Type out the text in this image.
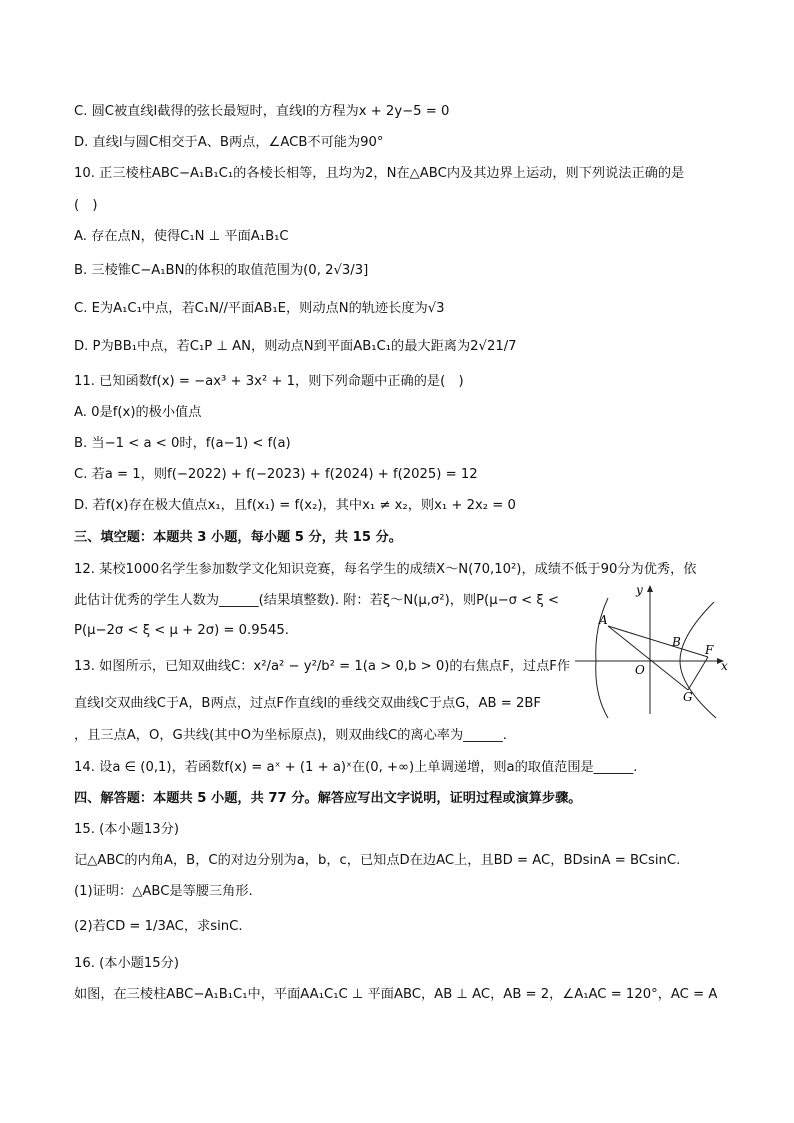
C. 圆C被直线l截得的弦长最短时，直线l的方程为x + 2y−5 = 0
D. 直线l与圆C相交于A、B两点，∠ACB不可能为90°
10. 正三棱柱ABC−A₁B₁C₁的各棱长相等，且均为2，N在△ABC内及其边界上运动，则下列说法正确的是
(　)
A. 存在点N，使得C₁N ⊥ 平面A₁B₁C
B. 三棱锥C−A₁BN的体积的取值范围为(0, 2√3/3]
C. E为A₁C₁中点，若C₁N//平面AB₁E，则动点N的轨迹长度为√3
D. P为BB₁中点，若C₁P ⊥ AN，则动点N到平面AB₁C₁的最大距离为2√21/7
11. 已知函数f(x) = −ax³ + 3x² + 1，则下列命题中正确的是(　)
A. 0是f(x)的极小值点
B. 当−1 < a < 0时，f(a−1) < f(a)
C. 若a = 1，则f(−2022) + f(−2023) + f(2024) + f(2025) = 12
D. 若f(x)存在极大值点x₁，且f(x₁) = f(x₂)，其中x₁ ≠ x₂，则x₁ + 2x₂ = 0
三、填空题：本题共 3 小题，每小题 5 分，共 15 分。
12. 某校1000名学生参加数学文化知识竞赛，每名学生的成绩X～N(70,10²)，成绩不低于90分为优秀，依
此估计优秀的学生人数为______(结果填整数). 附：若ξ～N(μ,σ²)，则P(μ−σ < ξ <
P(μ−2σ < ξ < μ + 2σ) = 0.9545.
13. 如图所示，已知双曲线C：x²/a² − y²/b² = 1(a > 0,b > 0)的右焦点F，过点F作
直线l交双曲线C于A，B两点，过点F作直线l的垂线交双曲线C于点G，AB = 2BF
，且三点A，O，G共线(其中O为坐标原点)，则双曲线C的离心率为______.
14. 设a ∈ (0,1)，若函数f(x) = aˣ + (1 + a)ˣ在(0, +∞)上单调递增，则a的取值范围是______.
四、解答题：本题共 5 小题，共 77 分。解答应写出文字说明，证明过程或演算步骤。
15. (本小题13分)
记△ABC的内角A，B，C的对边分别为a，b，c，已知点D在边AC上，且BD = AC，BDsinA = BCsinC.
(1)证明：△ABC是等腰三角形.
(2)若CD = 1/3AC，求sinC.
16. (本小题15分)
如图，在三棱柱ABC−A₁B₁C₁中，平面AA₁C₁C ⊥ 平面ABC，AB ⊥ AC，AB = 2，∠A₁AC = 120°，AC = A
y
x
A
B
F
O
G
